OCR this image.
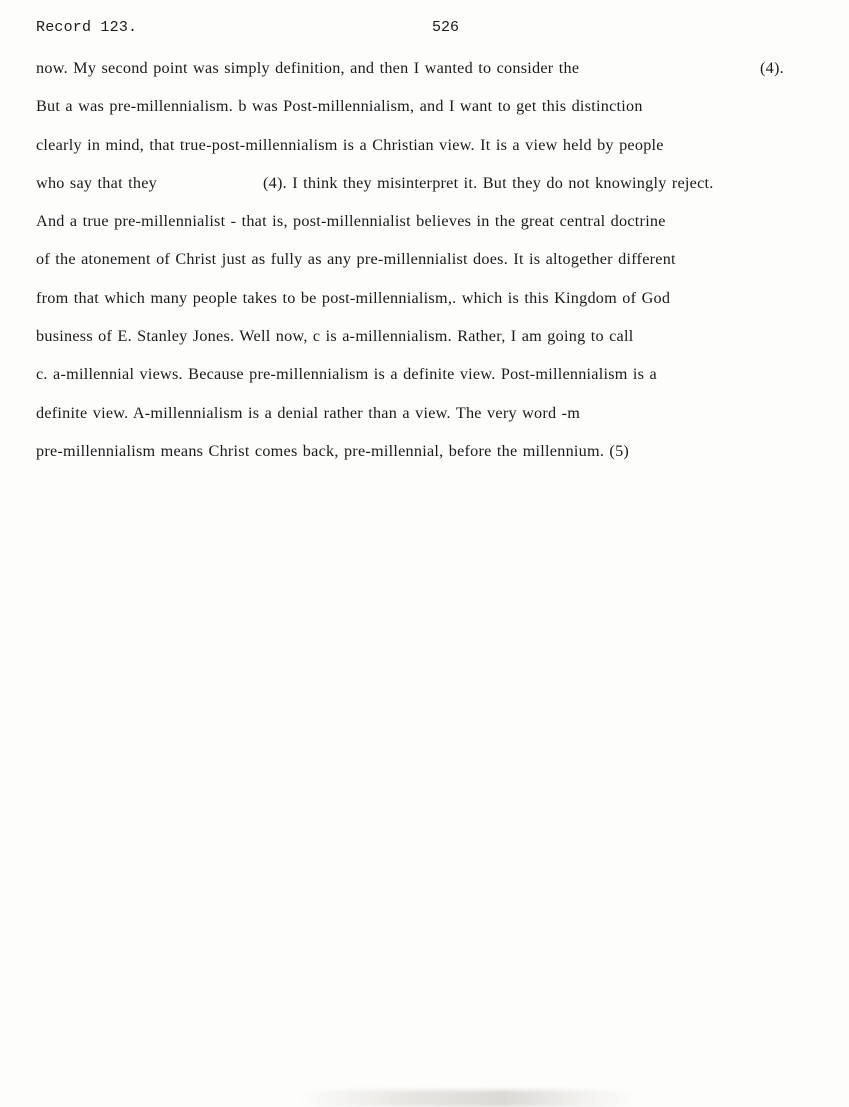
Record 123.	526
now. My second point was simply definition, and then I wanted to consider the	(4).
But a was pre-millennialism. b was Post-millennialism, and I want to get this distinction
clearly in mind, that true-post-millennialism is a Christian view. It is a view held by people
who say that they	(4). I think they misinterpret it. But they do not knowingly reject.
And a true pre-millennialist - that is, post-millennialist believes in the great central doctrine
of the atonement of Christ just as fully as any pre-millennialist does. It is altogether different
from that which many people takes to be post-millennialism,. which is this Kingdom of God
business of E. Stanley Jones. Well now, c is a-millennialism. Rather, I am going to call
c. a-millennial views. Because pre-millennialism is a definite view. Post-millennialism is a
definite view. A-millennialism is a denial rather than a view. The very word -m
pre-millennialism means Christ comes back, pre-millennial, before the millennium. (5)
